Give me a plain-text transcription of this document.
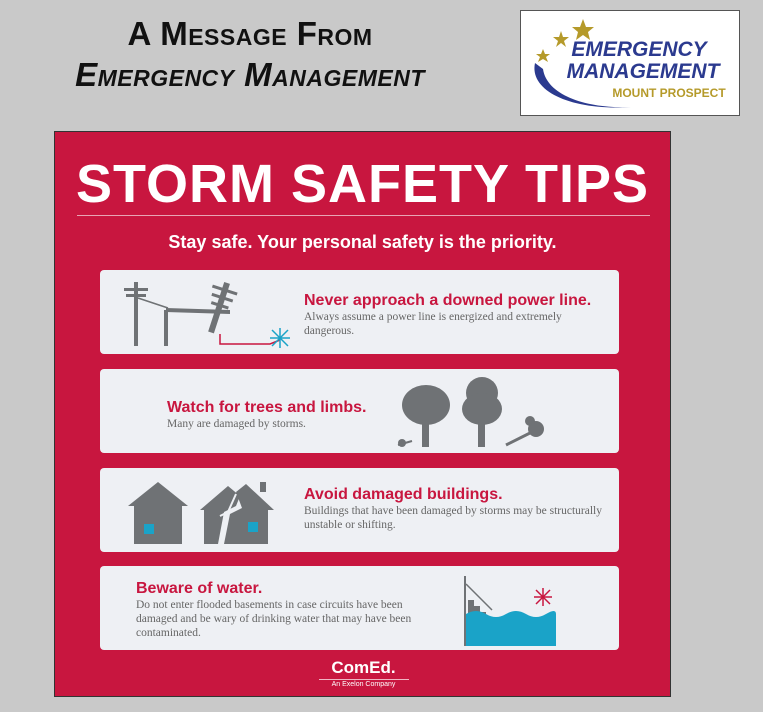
A Message From
Emergency Management
EMERGENCY
MANAGEMENT
MOUNT PROSPECT
STORM SAFETY TIPS
Stay safe. Your personal safety is the priority.
Never approach a downed power line.
Always assume a power line is energized and extremely dangerous.
Watch for trees and limbs.
Many are damaged by storms.
Avoid damaged buildings.
Buildings that have been damaged by storms may be structurally unstable or shifting.
Beware of water.
Do not enter flooded basements in case circuits have been damaged and be wary of drinking water that may have been contaminated.
ComEd.
An Exelon Company
